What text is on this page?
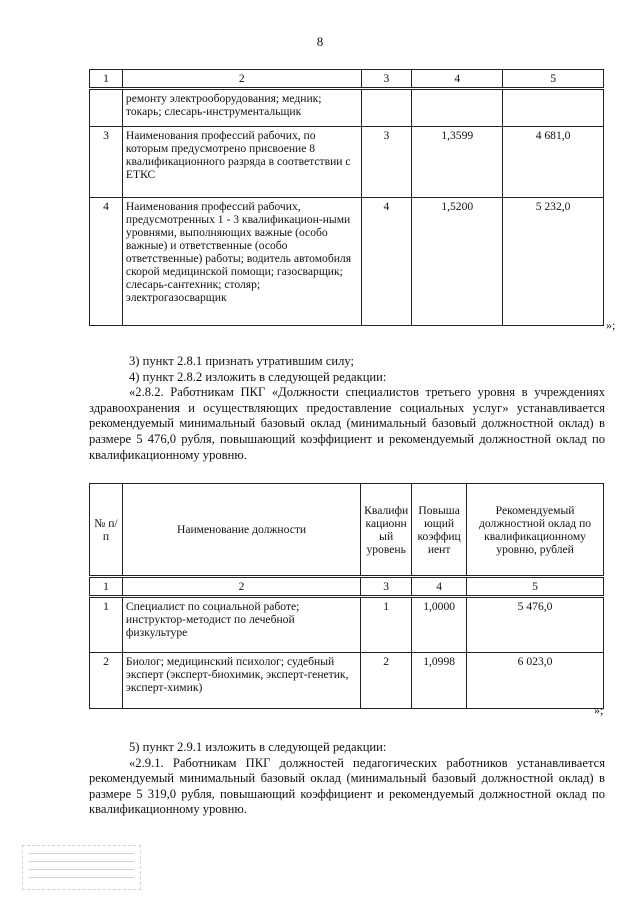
8
1	2	3	4	5
	ремонту электрооборудования; медник; токарь; слесарь-инструментальщик			
3	Наименования профессий рабочих, по которым предусмотрено присвоение 8 квалификационного разряда в соответствии с ЕТКС	3	1,3599	4 681,0
4	Наименования профессий рабочих, предусмотренных 1 - 3 квалификацион-ными уровнями, выполняющих важные (особо важные) и ответственные (особо ответственные) работы; водитель автомобиля скорой медицинской помощи; газосварщик; слесарь-сантехник; столяр; электрогазосварщик	4	1,5200	5 232,0
»;

3) пункт 2.8.1 признать утратившим силу;

4) пункт 2.8.2 изложить в следующей редакции:

«2.8.2. Работникам ПКГ «Должности специалистов третьего уровня в учреждениях здравоохранения и осуществляющих предоставление социальных услуг» устанавливается рекомендуемый минимальный базовый оклад (минимальный базовый должностной оклад) в размере 5 476,0 рубля, повышающий коэффициент и рекомендуемый должностной оклад по квалификационному уровню.

№ п/п	Наименование должности	Квалифи кационн ый уровень	Повыша ющий коэффиц иент	Рекомендуемый должностной оклад по квалификационному уровню, рублей
1	2	3	4	5
1	Специалист по социальной работе; инструктор-методист по лечебной физкультуре	1	1,0000	5 476,0
2	Биолог; медицинский психолог; судебный эксперт (эксперт-биохимик, эксперт-генетик, эксперт-химик)	2	1,0998	6 023,0
»;

5) пункт 2.9.1 изложить в следующей редакции:

«2.9.1. Работникам ПКГ должностей педагогических работников устанавливается рекомендуемый минимальный базовый оклад (минимальный базовый должностной оклад) в размере 5 319,0 рубля, повышающий коэффициент и рекомендуемый должностной оклад по квалификационному уровню.
